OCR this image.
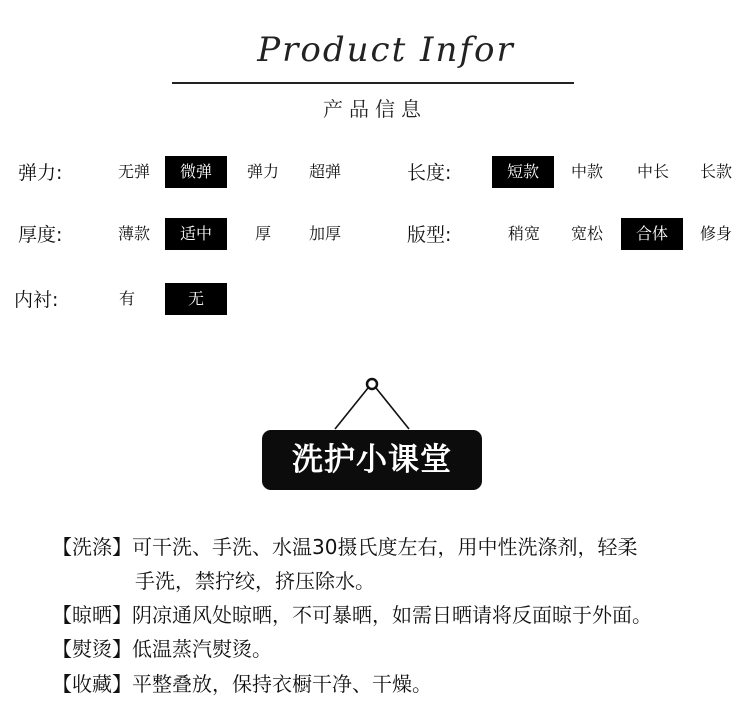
Product Infor
产品信息
弹力:	无弹	微弹	弹力	超弹	长度:	短款	中款	中长	长款
厚度:	薄款	适中	厚	加厚	版型:	稍宽	宽松	合体	修身
内衬:	有	无
洗护小课堂
【洗涤】可干洗、手洗、水温30摄氏度左右，用中性洗涤剂，轻柔
手洗，禁拧绞，挤压除水。
【晾晒】阴凉通风处晾晒，不可暴晒，如需日晒请将反面晾于外面。
【熨烫】低温蒸汽熨烫。
【收藏】平整叠放，保持衣橱干净、干燥。
